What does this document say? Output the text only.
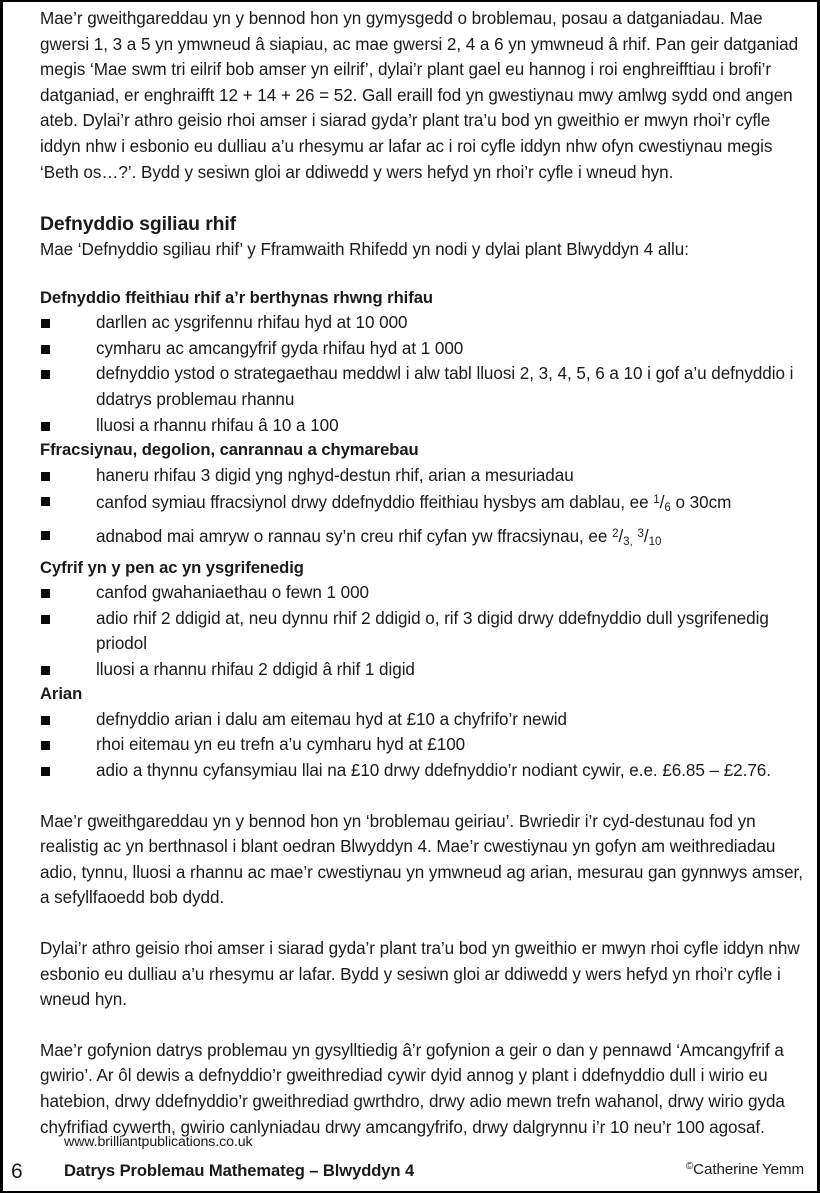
Mae’r gweithgareddau yn y bennod hon yn gymysgedd o broblemau, posau a datganiadau. Mae gwersi 1, 3 a 5 yn ymwneud â siapiau, ac mae gwersi 2, 4 a 6 yn ymwneud â rhif. Pan geir datganiad megis ‘Mae swm tri eilrif bob amser yn eilrif’, dylai’r plant gael eu hannog i roi enghreifftiau i brofi’r datganiad, er enghraifft 12 + 14 + 26 = 52. Gall eraill fod yn gwestiynau mwy amlwg sydd ond angen ateb. Dylai’r athro geisio rhoi amser i siarad gyda’r plant tra’u bod yn gweithio er mwyn rhoi’r cyfle iddyn nhw i esbonio eu dulliau a’u rhesymu ar lafar ac i roi cyfle iddyn nhw ofyn cwestiynau megis ‘Beth os…?’. Bydd y sesiwn gloi ar ddiwedd y wers hefyd yn rhoi’r cyfle i wneud hyn.

Defnyddio sgiliau rhif

Mae ‘Defnyddio sgiliau rhif’ y Fframwaith Rhifedd yn nodi y dylai plant Blwyddyn 4 allu:

Defnyddio ffeithiau rhif a’r berthynas rhwng rhifau
darllen ac ysgrifennu rhifau hyd at 10 000
cymharu ac amcangyfrif gyda rhifau hyd at 1 000
defnyddio ystod o strategaethau meddwl i alw tabl lluosi 2, 3, 4, 5, 6 a 10 i gof a’u defnyddio i ddatrys problemau rhannu
lluosi a rhannu rhifau â 10 a 100
Ffracsiynau, degolion, canrannau a chymarebau
haneru rhifau 3 digid yng nghyd-destun rhif, arian a mesuriadau
canfod symiau ffracsiynol drwy ddefnyddio ffeithiau hysbys am dablau, ee $^1$/6 o 30cm
adnabod mai amryw o rannau sy’n creu rhif cyfan yw ffracsiynau, ee $^2$/3, $^3$/10
Cyfrif yn y pen ac yn ysgrifenedig
canfod gwahaniaethau o fewn 1 000
adio rhif 2 ddigid at, neu dynnu rhif 2 ddigid o, rif 3 digid drwy ddefnyddio dull ysgrifenedig priodol
lluosi a rhannu rhifau 2 ddigid â rhif 1 digid
Arian
defnyddio arian i dalu am eitemau hyd at £10 a chyfrifo’r newid
rhoi eitemau yn eu trefn a’u cymharu hyd at £100
adio a thynnu cyfansymiau llai na £10 drwy ddefnyddio’r nodiant cywir, e.e. £6.85 – £2.76.

Mae’r gweithgareddau yn y bennod hon yn ‘broblemau geiriau’. Bwriedir i’r cyd-destunau fod yn realistig ac yn berthnasol i blant oedran Blwyddyn 4. Mae’r cwestiynau yn gofyn am weithrediadau adio, tynnu, lluosi a rhannu ac mae’r cwestiynau yn ymwneud ag arian, mesurau gan gynnwys amser, a sefyllfaoedd bob dydd.

Dylai’r athro geisio rhoi amser i siarad gyda’r plant tra’u bod yn gweithio er mwyn rhoi cyfle iddyn nhw esbonio eu dulliau a’u rhesymu ar lafar. Bydd y sesiwn gloi ar ddiwedd y wers hefyd yn rhoi’r cyfle i wneud hyn.

Mae’r gofynion datrys problemau yn gysylltiedig â’r gofynion a geir o dan y pennawd ‘Amcangyfrif a gwirio’. Ar ôl dewis a defnyddio’r gweithrediad cywir dyid annog y plant i ddefnyddio dull i wirio eu hatebion, drwy ddefnyddio’r gweithrediad gwrthdro, drwy adio mewn trefn wahanol, drwy wirio gyda chyfrifiad cywerth, gwirio canlyniadau drwy amcangyfrifo, drwy dalgrynnu i’r 10 neu’r 100 agosaf.

6
www.brilliantpublications.co.uk
Datrys Problemau Mathemateg – Blwyddyn 4	©Catherine Yemm
